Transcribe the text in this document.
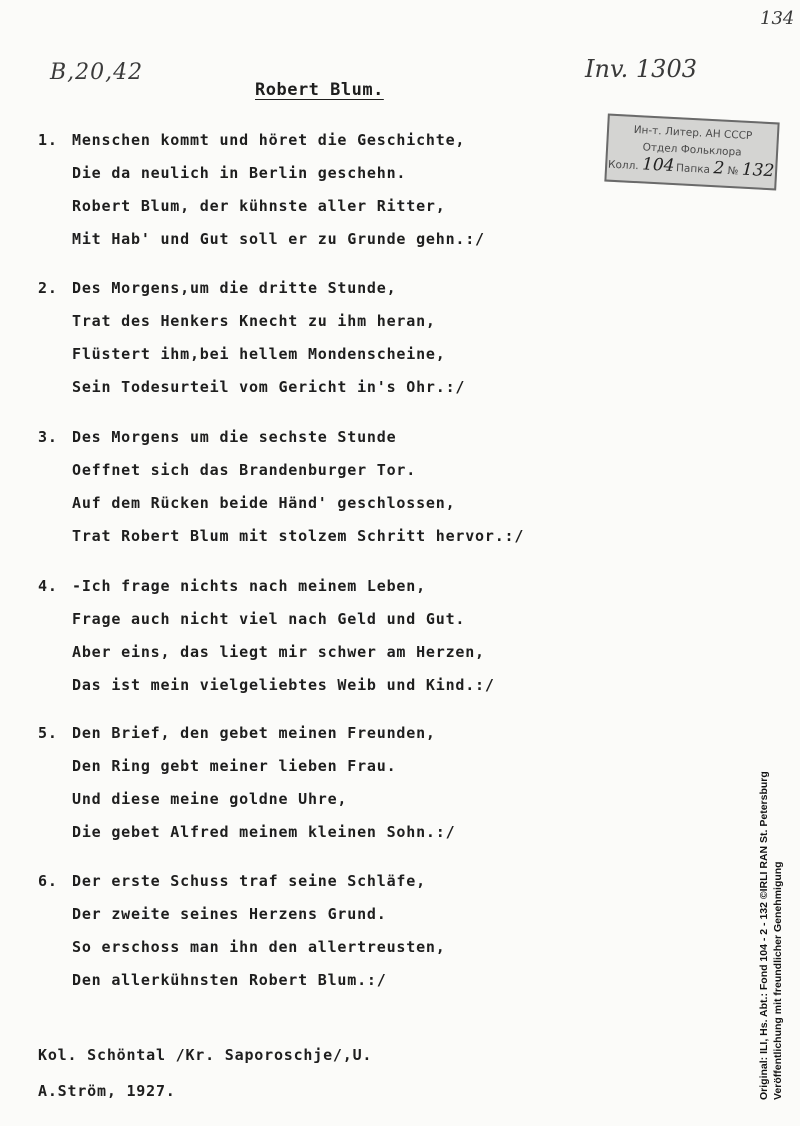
B,20,42	Inv. 1303
134
Robert Blum.
Ин-т. Литер. АН СССР
Отдел Фольклора
Колл. 104 Папка 2 № 132
1. Menschen kommt und höret die Geschichte,
Die da neulich in Berlin geschehn.
Robert Blum, der kühnste aller Ritter,
Mit Hab' und Gut soll er zu Grunde gehn.:/
2. Des Morgens,um die dritte Stunde,
Trat des Henkers Knecht zu ihm heran,
Flüstert ihm,bei hellem Mondenscheine,
Sein Todesurteil vom Gericht in's Ohr.:/
3. Des Morgens um die sechste Stunde
Oeffnet sich das Brandenburger Tor.
Auf dem Rücken beide Händ' geschlossen,
Trat Robert Blum mit stolzem Schritt hervor.:/
4. -Ich frage nichts nach meinem Leben,
Frage auch nicht viel nach Geld und Gut.
Aber eins, das liegt mir schwer am Herzen,
Das ist mein vielgeliebtes Weib und Kind.:/
5. Den Brief, den gebet meinen Freunden,
Den Ring gebt meiner lieben Frau.
Und diese meine goldne Uhre,
Die gebet Alfred meinem kleinen Sohn.:/
6. Der erste Schuss traf seine Schläfe,
Der zweite seines Herzens Grund.
So erschoss man ihn den allertreusten,
Den allerkühnsten Robert Blum.:/
Kol. Schöntal /Kr. Saporoschje/,U.
A.Ström, 1927.	Original: ILI, Hs. Abt.: Fond 104 - 2 - 132 ©IRLI RAN St. Petersburg Veröffentlichung mit freundlicher Genehmigung
